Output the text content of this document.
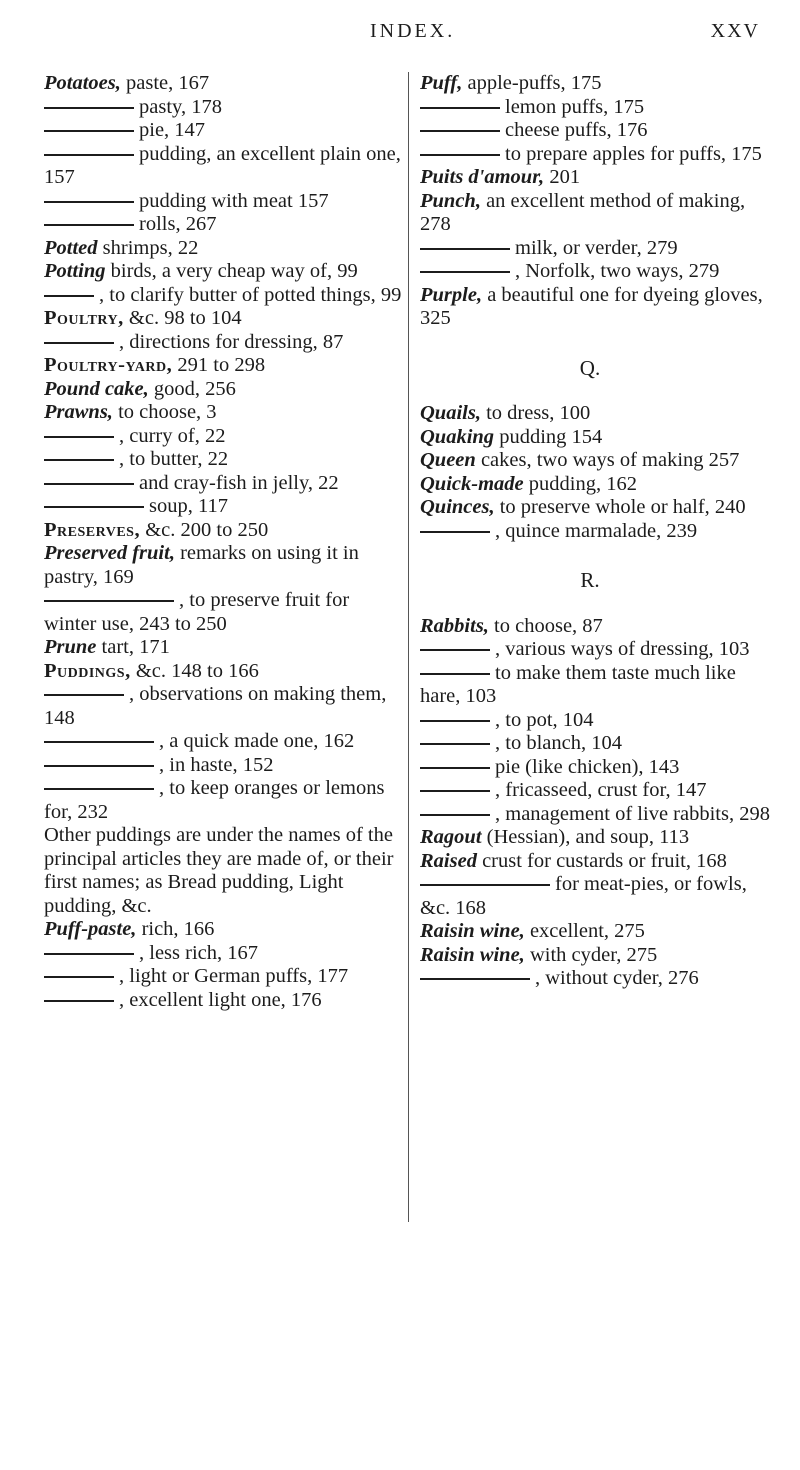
INDEX.	XXV

Potatoes, paste, 167

pasty, 178

pie, 147

pudding, an excellent plain one, 157

pudding with meat 157

rolls, 267

Potted shrimps, 22

Potting birds, a very cheap way of, 99

, to clarify butter of potted things, 99

Poultry, &c. 98 to 104

, directions for dressing, 87

Poultry-yard, 291 to 298

Pound cake, good, 256

Prawns, to choose, 3

, curry of, 22

, to butter, 22

and cray-fish in jelly, 22

soup, 117

Preserves, &c. 200 to 250

Preserved fruit, remarks on using it in pastry, 169

, to preserve fruit for winter use, 243 to 250

Prune tart, 171

Puddings, &c. 148 to 166

, observations on making them, 148

, a quick made one, 162

, in haste, 152

, to keep oranges or lemons for, 232

Other puddings are under the names of the principal articles they are made of, or their first names; as Bread pudding, Light pudding, &c.

Puff-paste, rich, 166

, less rich, 167

, light or German puffs, 177

, excellent light one, 176

Puff, apple-puffs, 175

lemon puffs, 175

cheese puffs, 176

to prepare apples for puffs, 175

Puits d'amour, 201

Punch, an excellent method of making, 278

milk, or verder, 279

, Norfolk, two ways, 279

Purple, a beautiful one for dyeing gloves, 325

Q.

Quails, to dress, 100

Quaking pudding 154

Queen cakes, two ways of making 257

Quick-made pudding, 162

Quinces, to preserve whole or half, 240

, quince marmalade, 239

R.

Rabbits, to choose, 87

, various ways of dressing, 103

to make them taste much like hare, 103

, to pot, 104

, to blanch, 104

pie (like chicken), 143

, fricasseed, crust for, 147

, management of live rabbits, 298

Ragout (Hessian), and soup, 113

Raised crust for custards or fruit, 168

for meat-pies, or fowls, &c. 168

Raisin wine, excellent, 275

Raisin wine, with cyder, 275

, without cyder, 276
